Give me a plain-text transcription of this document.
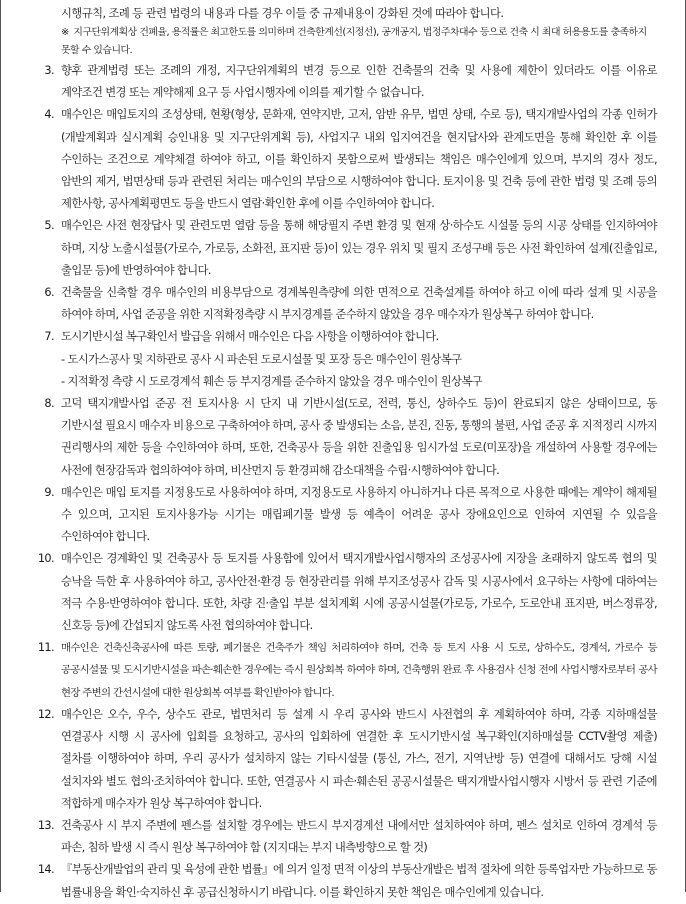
시행규칙, 조례 등 관련 법령의 내용과 다를 경우 이들 중 규제내용이 강화된 것에 따라야 합니다.
※ 지구단위계획상 건폐율, 용적률은 최고한도를 의미하며 건축한계선(지정선), 공개공지, 법정주차대수 등으로 건축 시 최대 허용용도를 충족하지 못할 수 있습니다.
3. 향후 관계법령 또는 조례의 개정, 지구단위계획의 변경 등으로 인한 건축물의 건축 및 사용에 제한이 있더라도 이를 이유로 계약조건 변경 또는 계약해제 요구 등 사업시행자에 이의를 제기할 수 없습니다.
4. 매수인은 매입토지의 조성상태, 현황(형상, 문화재, 연약지반, 고저, 암반 유무, 법면 상태, 수로 등), 택지개발사업의 각종 인허가(개발계획과 실시계획 승인내용 및 지구단위계획 등), 사업지구 내외 입지여건을 현지답사와 관계도면을 통해 확인한 후 이를 수인하는 조건으로 계약체결 하여야 하고, 이를 확인하지 못함으로써 발생되는 책임은 매수인에게 있으며, 부지의 경사 정도, 암반의 제거, 법면상태 등과 관련된 처리는 매수인의 부담으로 시행하여야 합니다. 토지이용 및 건축 등에 관한 법령 및 조례 등의 제한사항, 공사계획평면도 등을 반드시 열람·확인한 후에 이를 수인하여야 합니다.
5. 매수인은 사전 현장답사 및 관련도면 열람 등을 통해 해당필지 주변 환경 및 현재 상·하수도 시설물 등의 시공 상태를 인지하여야 하며, 지상 노출시설물(가로수, 가로등, 소화전, 표지판 등)이 있는 경우 위치 및 필지 조성구배 등은 사전 확인하여 설계(진출입로, 출입문 등)에 반영하여야 합니다.
6. 건축물을 신축할 경우 매수인의 비용부담으로 경계복원측량에 의한 면적으로 건축설계를 하여야 하고 이에 따라 설계 및 시공을 하여야 하며, 사업 준공을 위한 지적확정측량 시 부지경계를 준수하지 않았을 경우 매수자가 원상복구 하여야 합니다.
7. 도시기반시설 복구확인서 발급을 위해서 매수인은 다음 사항을 이행하여야 합니다.
- 도시가스공사 및 지하관로 공사 시 파손된 도로시설물 및 포장 등은 매수인이 원상복구
- 지적확정 측량 시 도로경계석 훼손 등 부지경계를 준수하지 않았을 경우 매수인이 원상복구
8. 고덕 택지개발사업 준공 전 토지사용 시 단지 내 기반시설(도로, 전력, 통신, 상하수도 등)이 완료되지 않은 상태이므로, 동 기반시설 필요시 매수자 비용으로 구축하여야 하며, 공사 중 발생되는 소음, 분진, 진동, 통행의 불편, 사업 준공 후 지적정리 시까지 권리행사의 제한 등을 수인하여야 하며, 또한, 건축공사 등을 위한 진출입용 임시가설 도로(미포장)을 개설하여 사용할 경우에는 사전에 현장감독과 협의하여야 하며, 비산먼지 등 환경피해 감소대책을 수립·시행하여야 합니다.
9. 매수인은 매입 토지를 지정용도로 사용하여야 하며, 지정용도로 사용하지 아니하거나 다른 목적으로 사용한 때에는 계약이 해제될 수 있으며, 고지된 토지사용가능 시기는 매립폐기물 발생 등 예측이 어려운 공사 장애요인으로 인하여 지연될 수 있음을 수인하여야 합니다.
10. 매수인은 경계확인 및 건축공사 등 토지를 사용함에 있어서 택지개발사업시행자의 조성공사에 지장을 초래하지 않도록 협의 및 승낙을 득한 후 사용하여야 하고, 공사안전·환경 등 현장관리를 위해 부지조성공사 감독 및 시공사에서 요구하는 사항에 대하여는 적극 수용·반영하여야 합니다. 또한, 차량 진·출입 부분 설치계획 시에 공공시설물(가로등, 가로수, 도로안내 표지판, 버스정류장, 신호등 등)에 간섭되지 않도록 사전 협의하여야 합니다.
11. 매수인은 건축신축공사에 따른 토량, 폐기물은 건축주가 책임 처리하여야 하며, 건축 등 토지 사용 시 도로, 상하수도, 경계석, 가로수 등 공공시설물 및 도시기반시설을 파손·훼손한 경우에는 즉시 원상회복 하여야 하며, 건축행위 완료 후 사용검사 신청 전에 사업시행자로부터 공사 현장 주변의 간선시설에 대한 원상회복 여부를 확인받아야 합니다.
12. 매수인은 오수, 우수, 상수도 관로, 법면처리 등 설계 시 우리 공사와 반드시 사전협의 후 계획하여야 하며, 각종 지하매설물 연결공사 시행 시 공사에 입회를 요청하고, 공사의 입회하에 연결한 후 도시기반시설 복구확인(지하매설물 CCTV촬영 제출) 절차를 이행하여야 하며, 우리 공사가 설치하지 않는 기타시설물 (통신, 가스, 전기, 지역난방 등) 연결에 대해서도 당해 시설 설치자와 별도 협의·조치하여야 합니다. 또한, 연결공사 시 파손·훼손된 공공시설물은 택지개발사업시행자 시방서 등 관련 기준에 적합하게 매수자가 원상 복구하여야 합니다.
13. 건축공사 시 부지 주변에 펜스를 설치할 경우에는 반드시 부지경계선 내에서만 설치하여야 하며, 펜스 설치로 인하여 경계석 등 파손, 침하 발생 시 즉시 원상 복구하여야 함 (지지대는 부지 내측방향으로 할 것)
14. 『부동산개발업의 관리 및 육성에 관한 법률』에 의거 일정 면적 이상의 부동산개발은 법적 절차에 의한 등록업자만 가능하므로 동 법률내용을 확인·숙지하신 후 공급신청하시기 바랍니다. 이를 확인하지 못한 책임은 매수인에게 있습니다.
